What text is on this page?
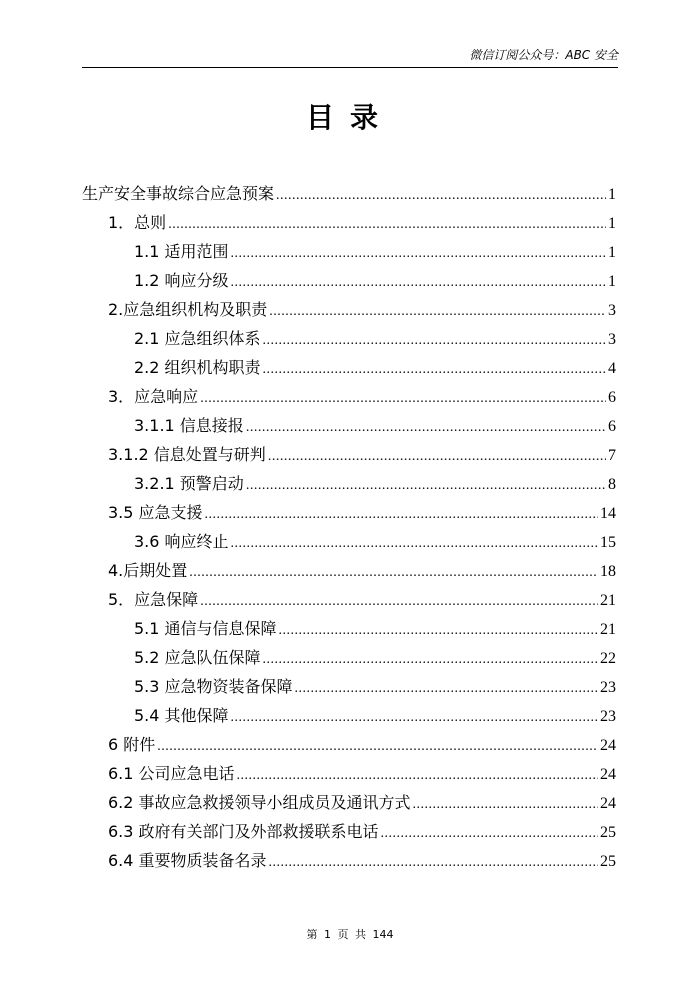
微信订阅公众号：ABC 安全
目录
生产安全事故综合应急预案 .....	1
1．总则 .....	1
1.1 适用范围 .....	1
1.2 响应分级 .....	1
2.应急组织机构及职责 .....	3
2.1 应急组织体系 .....	3
2.2 组织机构职责 .....	4
3．应急响应 .....	6
3.1.1 信息接报 .....	6
3.1.2 信息处置与研判 .....	7
3.2.1 预警启动 .....	8
3.5 应急支援 .....	14
3.6 响应终止 .....	15
4.后期处置 .....	18
5．应急保障 .....	21
5.1 通信与信息保障 .....	21
5.2 应急队伍保障 .....	22
5.3 应急物资装备保障 .....	23
5.4 其他保障 .....	23
6 附件 .....	24
6.1 公司应急电话 .....	24
6.2 事故应急救援领导小组成员及通讯方式 .....	24
6.3 政府有关部门及外部救援联系电话 .....	25
6.4 重要物质装备名录 .....	25
第 1 页 共 144
